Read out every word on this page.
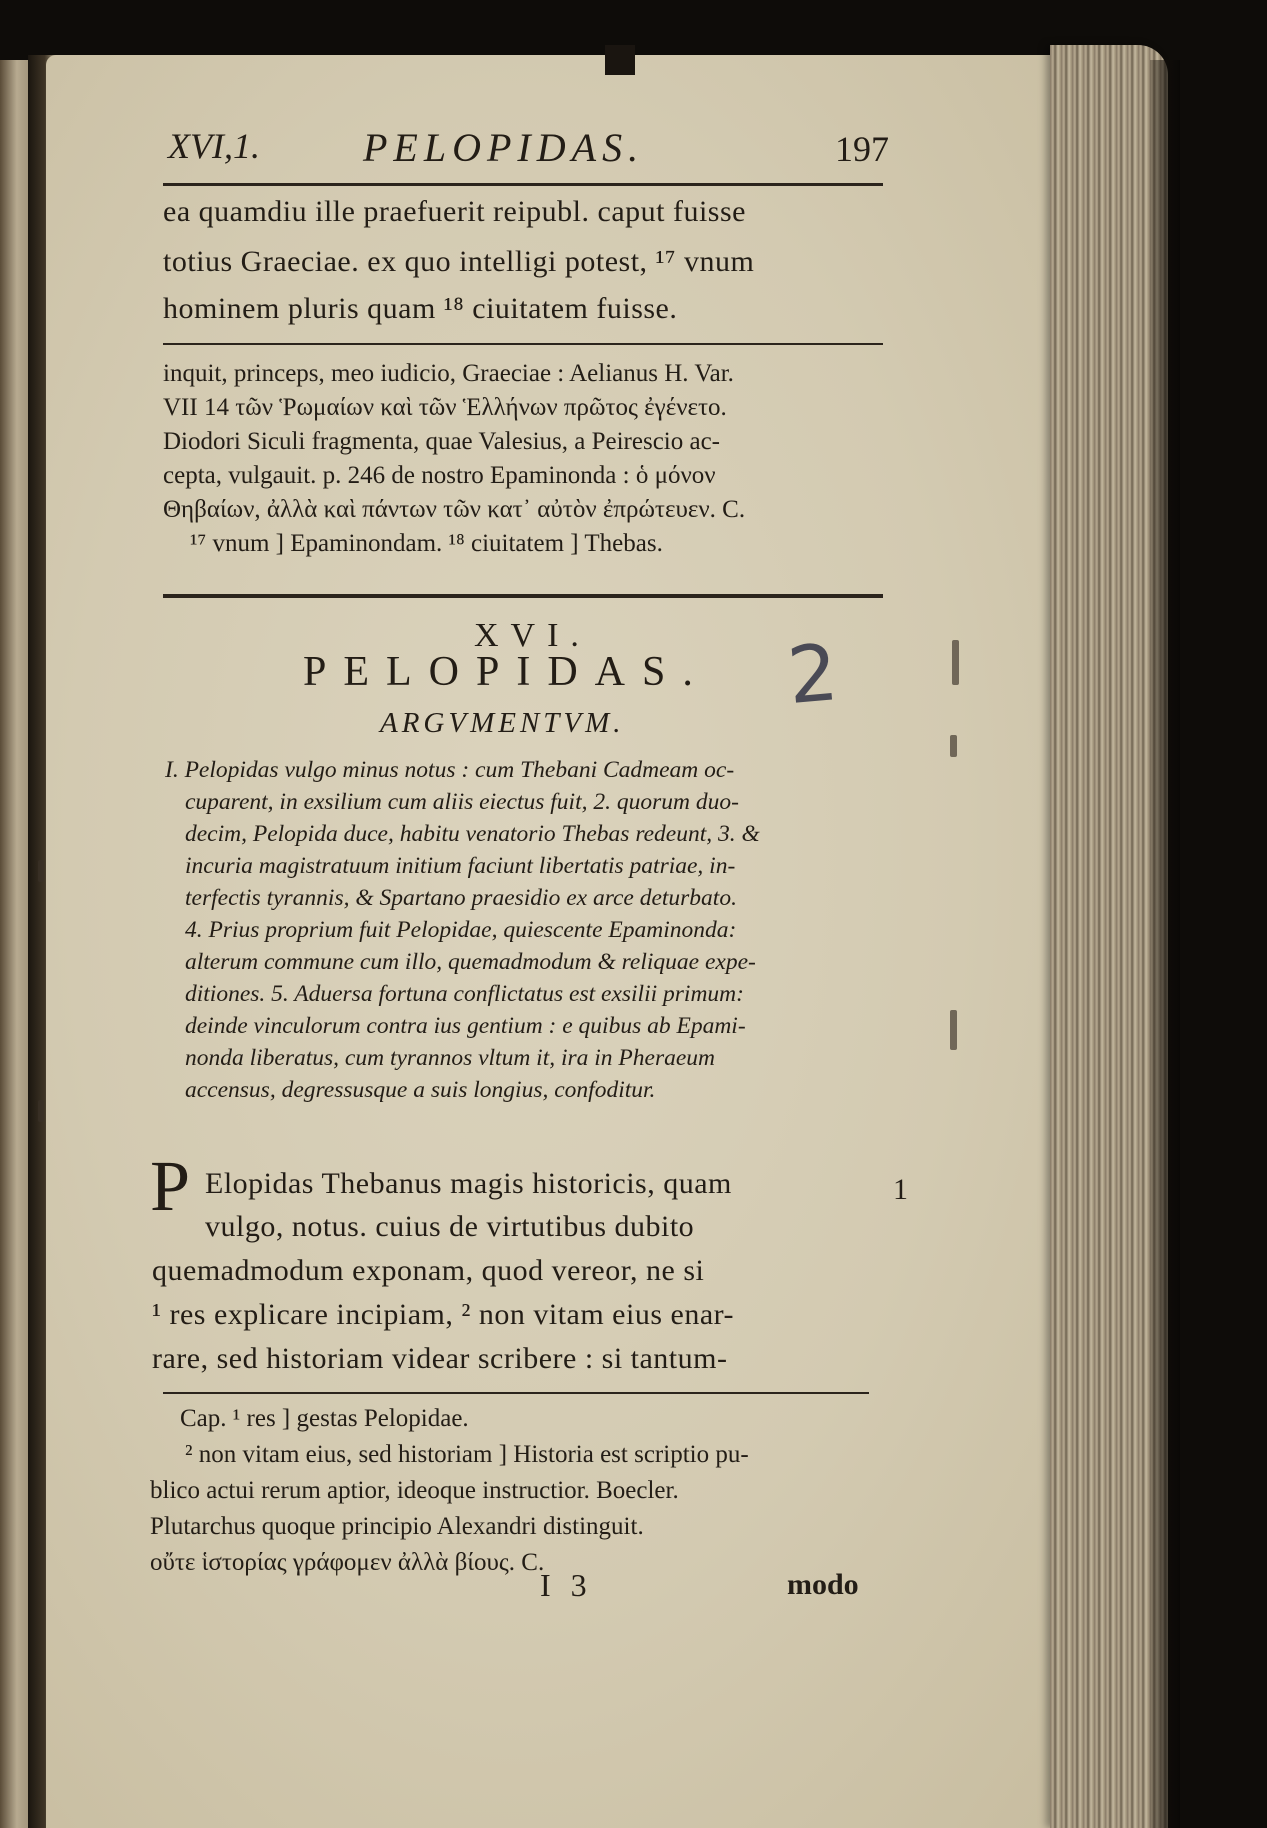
XVI,1.	PELOPIDAS.	197
ea quamdiu ille praefuerit reipubl. caput fuisse
totius Graeciae. ex quo intelligi potest, ¹⁷ vnum
hominem pluris quam ¹⁸ ciuitatem fuisse.
inquit, princeps, meo iudicio, Graeciae : Aelianus H. Var.
VII 14 τῶν Ῥωμαίων καὶ τῶν Ἑλλήνων πρῶτος ἐγένετο.
Diodori Siculi fragmenta, quae Valesius, a Peirescio ac-
cepta, vulgauit. p. 246 de nostro Epaminonda : ὁ μόνον
Θηβαίων, ἀλλὰ καὶ πάντων τῶν κατ᾽ αὐτὸν ἐπρώτευεν. C.
¹⁷ vnum ] Epaminondam. ¹⁸ ciuitatem ] Thebas.
XVI.
PELOPIDAS. 2
ARGVMENTVM.
I. Pelopidas vulgo minus notus : cum Thebani Cadmeam oc-
cuparent, in exsilium cum aliis eiectus fuit, 2. quorum duo-
decim, Pelopida duce, habitu venatorio Thebas redeunt, 3. &
incuria magistratuum initium faciunt libertatis patriae, in-
terfectis tyrannis, & Spartano praesidio ex arce deturbato.
4. Prius proprium fuit Pelopidae, quiescente Epaminonda:
alterum commune cum illo, quemadmodum & reliquae expe-
ditiones. 5. Aduersa fortuna conflictatus est exsilii primum:
deinde vinculorum contra ius gentium : e quibus ab Epami-
nonda liberatus, cum tyrannos vltum it, ira in Pheraeum
accensus, degressusque a suis longius, confoditur.
P Elopidas Thebanus magis historicis, quam
vulgo, notus. cuius de virtutibus dubito
quemadmodum exponam, quod vereor, ne si
¹ res explicare incipiam, ² non vitam eius enar-
rare, sed historiam videar scribere : si tantum-
1
Cap. ¹ res ] gestas Pelopidae.
² non vitam eius, sed historiam ] Historia est scriptio pu-
blico actui rerum aptior, ideoque instructior. Boecler.
Plutarchus quoque principio Alexandri distinguit.
οὔτε ἱστορίας γράφομεν ἀλλὰ βίους. C.
I 3	modo
